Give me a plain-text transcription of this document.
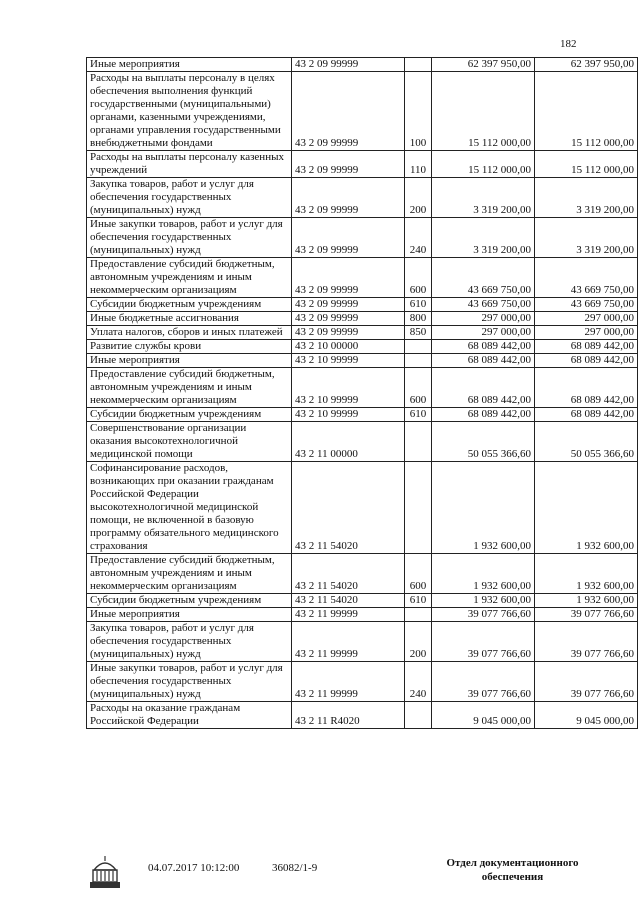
182
Иные мероприятия	43 2 09 99999		62 397 950,00	62 397 950,00
Расходы на выплаты персоналу в целях обеспечения выполнения функций государственными (муниципальными) органами, казенными учреждениями, органами управления государственными внебюджетными фондами	43 2 09 99999	100	15 112 000,00	15 112 000,00
Расходы на выплаты персоналу казенных учреждений	43 2 09 99999	110	15 112 000,00	15 112 000,00
Закупка товаров, работ и услуг для обеспечения государственных (муниципальных) нужд	43 2 09 99999	200	3 319 200,00	3 319 200,00
Иные закупки товаров, работ и услуг для обеспечения государственных (муниципальных) нужд	43 2 09 99999	240	3 319 200,00	3 319 200,00
Предоставление субсидий бюджетным, автономным учреждениям и иным некоммерческим организациям	43 2 09 99999	600	43 669 750,00	43 669 750,00
Субсидии бюджетным учреждениям	43 2 09 99999	610	43 669 750,00	43 669 750,00
Иные бюджетные ассигнования	43 2 09 99999	800	297 000,00	297 000,00
Уплата налогов, сборов и иных платежей	43 2 09 99999	850	297 000,00	297 000,00
Развитие службы крови	43 2 10 00000		68 089 442,00	68 089 442,00
Иные мероприятия	43 2 10 99999		68 089 442,00	68 089 442,00
Предоставление субсидий бюджетным, автономным учреждениям и иным некоммерческим организациям	43 2 10 99999	600	68 089 442,00	68 089 442,00
Субсидии бюджетным учреждениям	43 2 10 99999	610	68 089 442,00	68 089 442,00
Совершенствование организации оказания высокотехнологичной медицинской помощи	43 2 11 00000		50 055 366,60	50 055 366,60
Софинансирование расходов, возникающих при оказании гражданам Российской Федерации высокотехнологичной медицинской помощи, не включенной в базовую программу обязательного медицинского страхования	43 2 11 54020		1 932 600,00	1 932 600,00
Предоставление субсидий бюджетным, автономным учреждениям и иным некоммерческим организациям	43 2 11 54020	600	1 932 600,00	1 932 600,00
Субсидии бюджетным учреждениям	43 2 11 54020	610	1 932 600,00	1 932 600,00
Иные мероприятия	43 2 11 99999		39 077 766,60	39 077 766,60
Закупка товаров, работ и услуг для обеспечения государственных (муниципальных) нужд	43 2 11 99999	200	39 077 766,60	39 077 766,60
Иные закупки товаров, работ и услуг для обеспечения государственных (муниципальных) нужд	43 2 11 99999	240	39 077 766,60	39 077 766,60
Расходы на оказание гражданам Российской Федерации	43 2 11 R4020		9 045 000,00	9 045 000,00
04.07.2017 10:12:00	36082/1-9	Отдел документационного
обеспечения
